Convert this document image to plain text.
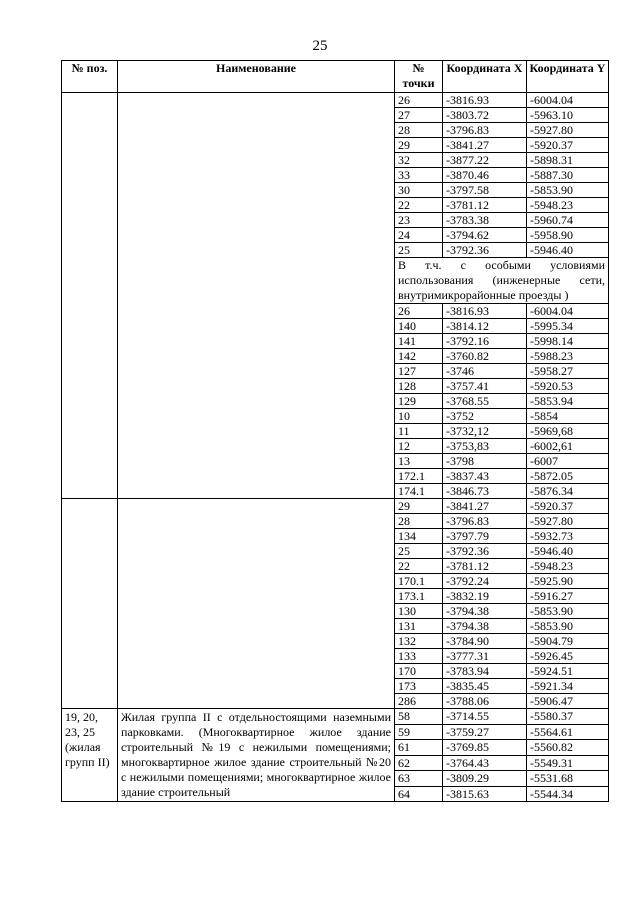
25
№ поз.	Наименование	№ точки	Координата X	Координата Y
		26	-3816.93	-6004.04
		27	-3803.72	-5963.10
		28	-3796.83	-5927.80
		29	-3841.27	-5920.37
		32	-3877.22	-5898.31
		33	-3870.46	-5887.30
		30	-3797.58	-5853.90
		22	-3781.12	-5948.23
		23	-3783.38	-5960.74
		24	-3794.62	-5958.90
		25	-3792.36	-5946.40
		В т.ч. с особыми условиями использования (инженерные сети, внутримикрорайонные проезды )		
		26	-3816.93	-6004.04
		140	-3814.12	-5995.34
		141	-3792.16	-5998.14
		142	-3760.82	-5988.23
		127	-3746	-5958.27
		128	-3757.41	-5920.53
		129	-3768.55	-5853.94
		10	-3752	-5854
		11	-3732,12	-5969,68
		12	-3753,83	-6002,61
		13	-3798	-6007
		172.1	-3837.43	-5872.05
		174.1	-3846.73	-5876.34
		29	-3841.27	-5920.37
		28	-3796.83	-5927.80
		134	-3797.79	-5932.73
		25	-3792.36	-5946.40
		22	-3781.12	-5948.23
		170.1	-3792.24	-5925.90
		173.1	-3832.19	-5916.27
		130	-3794.38	-5853.90
		131	-3794.38	-5853.90
		132	-3784.90	-5904.79
		133	-3777.31	-5926.45
		170	-3783.94	-5924.51
		173	-3835.45	-5921.34
		286	-3788.06	-5906.47
19, 20, 23, 25 (жилая групп II)	Жилая группа II с отдельностоящими наземными парковками. (Многоквартирное жилое здание строительный №19 с нежилыми помещениями; многоквартирное жилое здание строительный №20 с нежилыми помещениями; многоквартирное жилое здание строительный	58	-3714.55	-5580.37
		59	-3759.27	-5564.61
		61	-3769.85	-5560.82
		62	-3764.43	-5549.31
		63	-3809.29	-5531.68
		64	-3815.63	-5544.34
